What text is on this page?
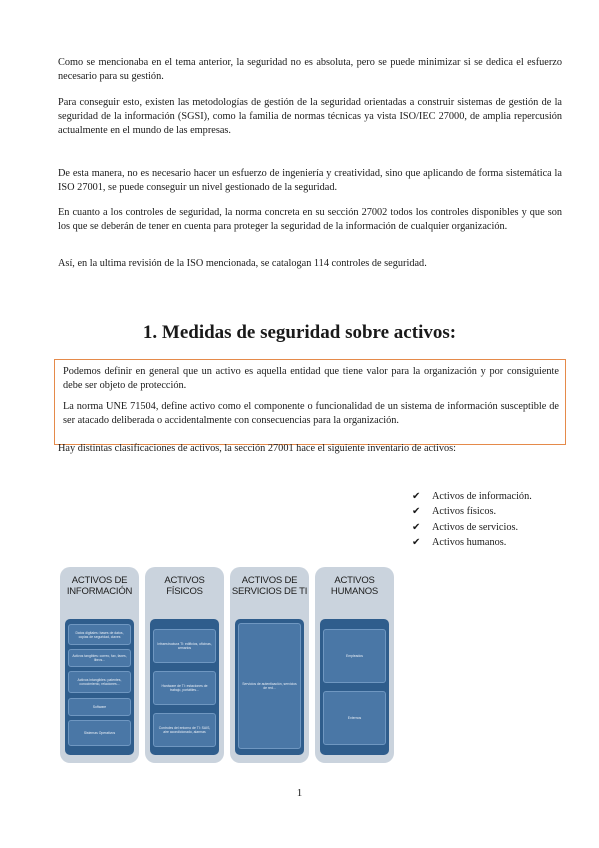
Como se mencionaba en el tema anterior, la seguridad no es absoluta, pero se puede minimizar si se dedica el esfuerzo necesario para su gestión.

Para conseguir esto, existen las metodologías de gestión de la seguridad orientadas a construir sistemas de gestión de la seguridad de la información (SGSI), como la familia de normas técnicas ya vista ISO/IEC 27000, de amplia repercusión actualmente en el mundo de las empresas.

De esta manera, no es necesario hacer un esfuerzo de ingeniería y creatividad, sino que aplicando de forma sistemática la ISO 27001, se puede conseguir un nivel gestionado de la seguridad.

En cuanto a los controles de seguridad, la norma concreta en su sección 27002 todos los controles disponibles y que son los que se deberán de tener en cuenta para proteger la seguridad de la información de cualquier organización.

Así, en la ultima revisión de la ISO mencionada, se catalogan 114 controles de seguridad.

1. Medidas de seguridad sobre activos:

Podemos definir en general que un activo es aquella entidad que tiene valor para la organización y por consiguiente debe ser objeto de protección.

La norma UNE 71504, define activo como el componente o funcionalidad de un sistema de información susceptible de ser atacado deliberada o accidentalmente con consecuencias para la organización.

Hay distintas clasificaciones de activos, la sección 27001 hace el siguiente inventario de activos:

✔	Activos de información.
✔	Activos físicos.
✔	Activos de servicios.
✔	Activos humanos.
ACTIVOS DE INFORMACIÓN
Datos digitales: bases de datos, copias de seguridad, claves
Activos tangibles: correo, fax, faxes, libros...
Activos intangibles: patentes, conocimiento, relaciones...
Software
Sistemas Operativos
ACTIVOS FÍSICOS
Infraestructura TI: edificios, oficinas, armarios
Hardware de TI: estaciones de trabajo, portátiles...
Controles del entorno de TI: SAIS, aire acondicionado, alarmas
ACTIVOS DE SERVICIOS DE TI
Servicios de autenticación, servicios de red...
ACTIVOS HUMANOS
Empleados
Externos
1
